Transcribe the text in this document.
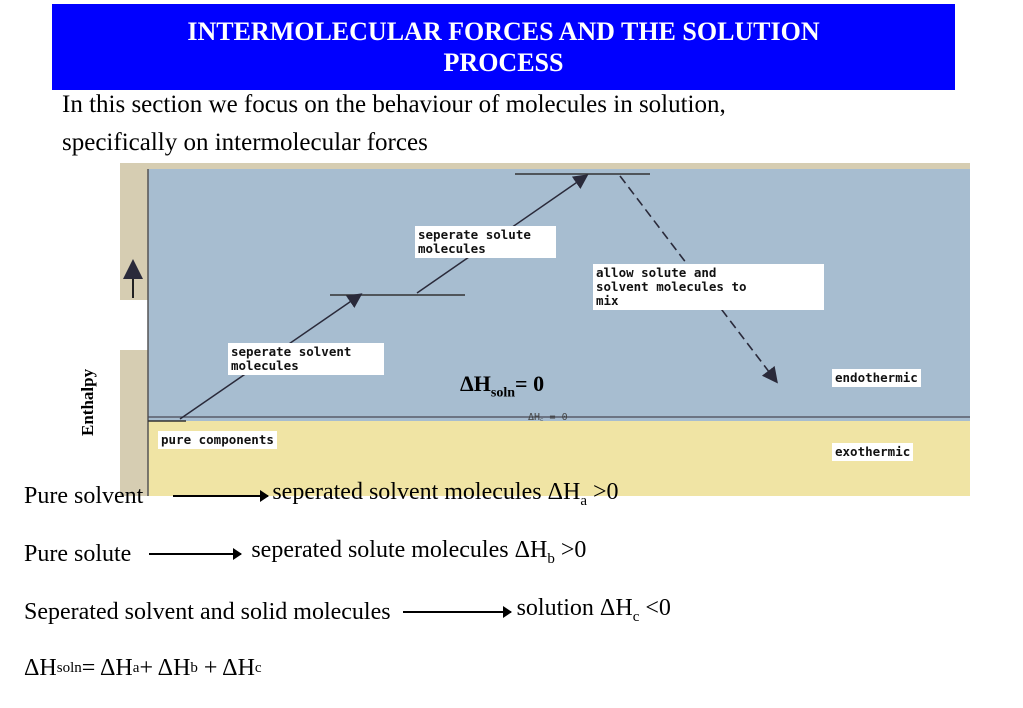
INTERMOLECULAR FORCES AND THE SOLUTION
PROCESS
In this section we focus on the behaviour of molecules in solution,
specifically on intermolecular forces
Enthalpy
pure components
seperate solvent
molecules
seperate solute
molecules
allow solute and
solvent molecules to
mix
endothermic
exothermic
ΔH꜀ = 0
$\Delta H_{soln}= 0$
Pure solvent	seperated solvent molecules $\Delta H_a >0$
Pure solute	seperated solute molecules $\Delta H_b >0$
Seperated solvent and solid molecules	solution $\Delta H_c <0$
ΔH soln = ΔH a + ΔH b + ΔH c
